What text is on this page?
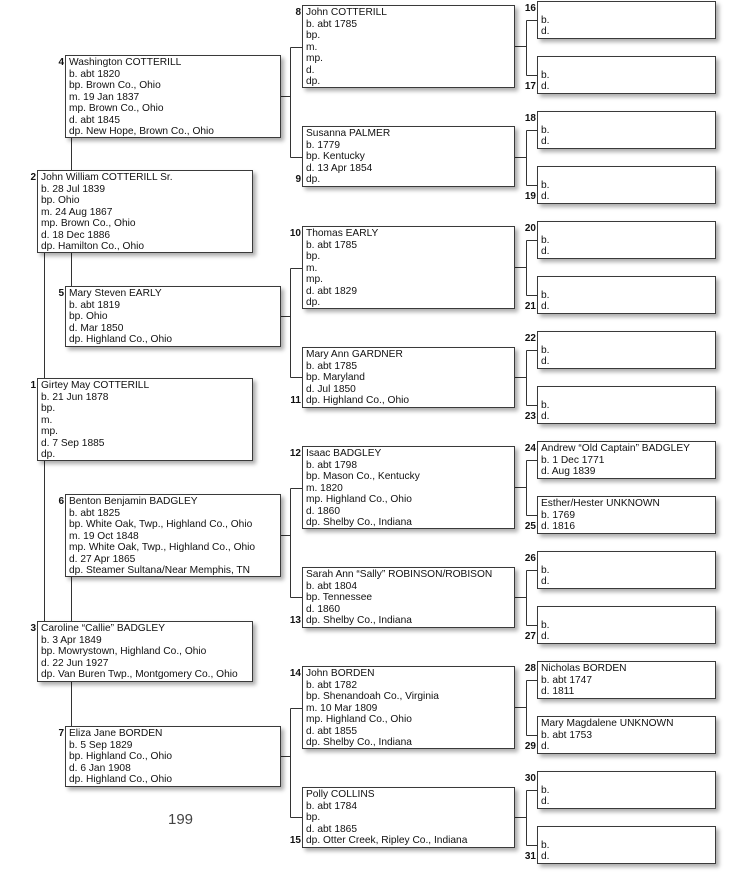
2 John William COTTERILL Sr.
b. 28 Jul 1839
bp. Ohio
m. 24 Aug 1867
mp. Brown Co., Ohio
d. 18 Dec 1886
dp. Hamilton Co., Ohio
1 Girtey May COTTERILL
b. 21 Jun 1878
bp.
m.
mp.
d. 7 Sep 1885
dp.
3 Caroline “Callie” BADGLEY
b. 3 Apr 1849
bp. Mowrystown, Highland Co., Ohio
d. 22 Jun 1927
dp. Van Buren Twp., Montgomery Co., Ohio
4 Washington COTTERILL
b. abt 1820
bp. Brown Co., Ohio
m. 19 Jan 1837
mp. Brown Co., Ohio
d. abt 1845
dp. New Hope, Brown Co., Ohio
5 Mary Steven EARLY
b. abt 1819
bp. Ohio
d. Mar 1850
dp. Highland Co., Ohio
6 Benton Benjamin BADGLEY
b. abt 1825
bp. White Oak, Twp., Highland Co., Ohio
m. 19 Oct 1848
mp. White Oak, Twp., Highland Co., Ohio
d. 27 Apr 1865
dp. Steamer Sultana/Near Memphis, TN
7 Eliza Jane BORDEN
b. 5 Sep 1829
bp. Highland Co., Ohio
d. 6 Jan 1908
dp. Highland Co., Ohio
8 John COTTERILL
b. abt 1785
bp.
m.
mp.
d.
dp.
9
Susanna PALMER
b. 1779
bp. Kentucky
d. 13 Apr 1854
dp.
10 Thomas EARLY
b. abt 1785
bp.
m.
mp.
d. abt 1829
dp.
11
Mary Ann GARDNER
b. abt 1785
bp. Maryland
d. Jul 1850
dp. Highland Co., Ohio
12 Isaac BADGLEY
b. abt 1798
bp. Mason Co., Kentucky
m. 1820
mp. Highland Co., Ohio
d. 1860
dp. Shelby Co., Indiana
13
Sarah Ann “Sally” ROBINSON/ROBISON
b. abt 1804
bp. Tennessee
d. 1860
dp. Shelby Co., Indiana
14 John BORDEN
b. abt 1782
bp. Shenandoah Co., Virginia
m. 10 Mar 1809
mp. Highland Co., Ohio
d. abt 1855
dp. Shelby Co., Indiana
15
Polly COLLINS
b. abt 1784
bp.
d. abt 1865
dp. Otter Creek, Ripley Co., Indiana
16
b.
d.
17
b.
d.
18
b.
d.
19
b.
d.
20
b.
d.
21
b.
d.
22
b.
d.
23
b.
d.
24 Andrew “Old Captain” BADGLEY
b. 1 Dec 1771
d. Aug 1839
25
Esther/Hester UNKNOWN
b. 1769
d. 1816
26
b.
d.
27
b.
d.
28 Nicholas BORDEN
b. abt 1747
d. 1811
29
Mary Magdalene UNKNOWN
b. abt 1753
d.
30
b.
d.
31
b.
d.
199
